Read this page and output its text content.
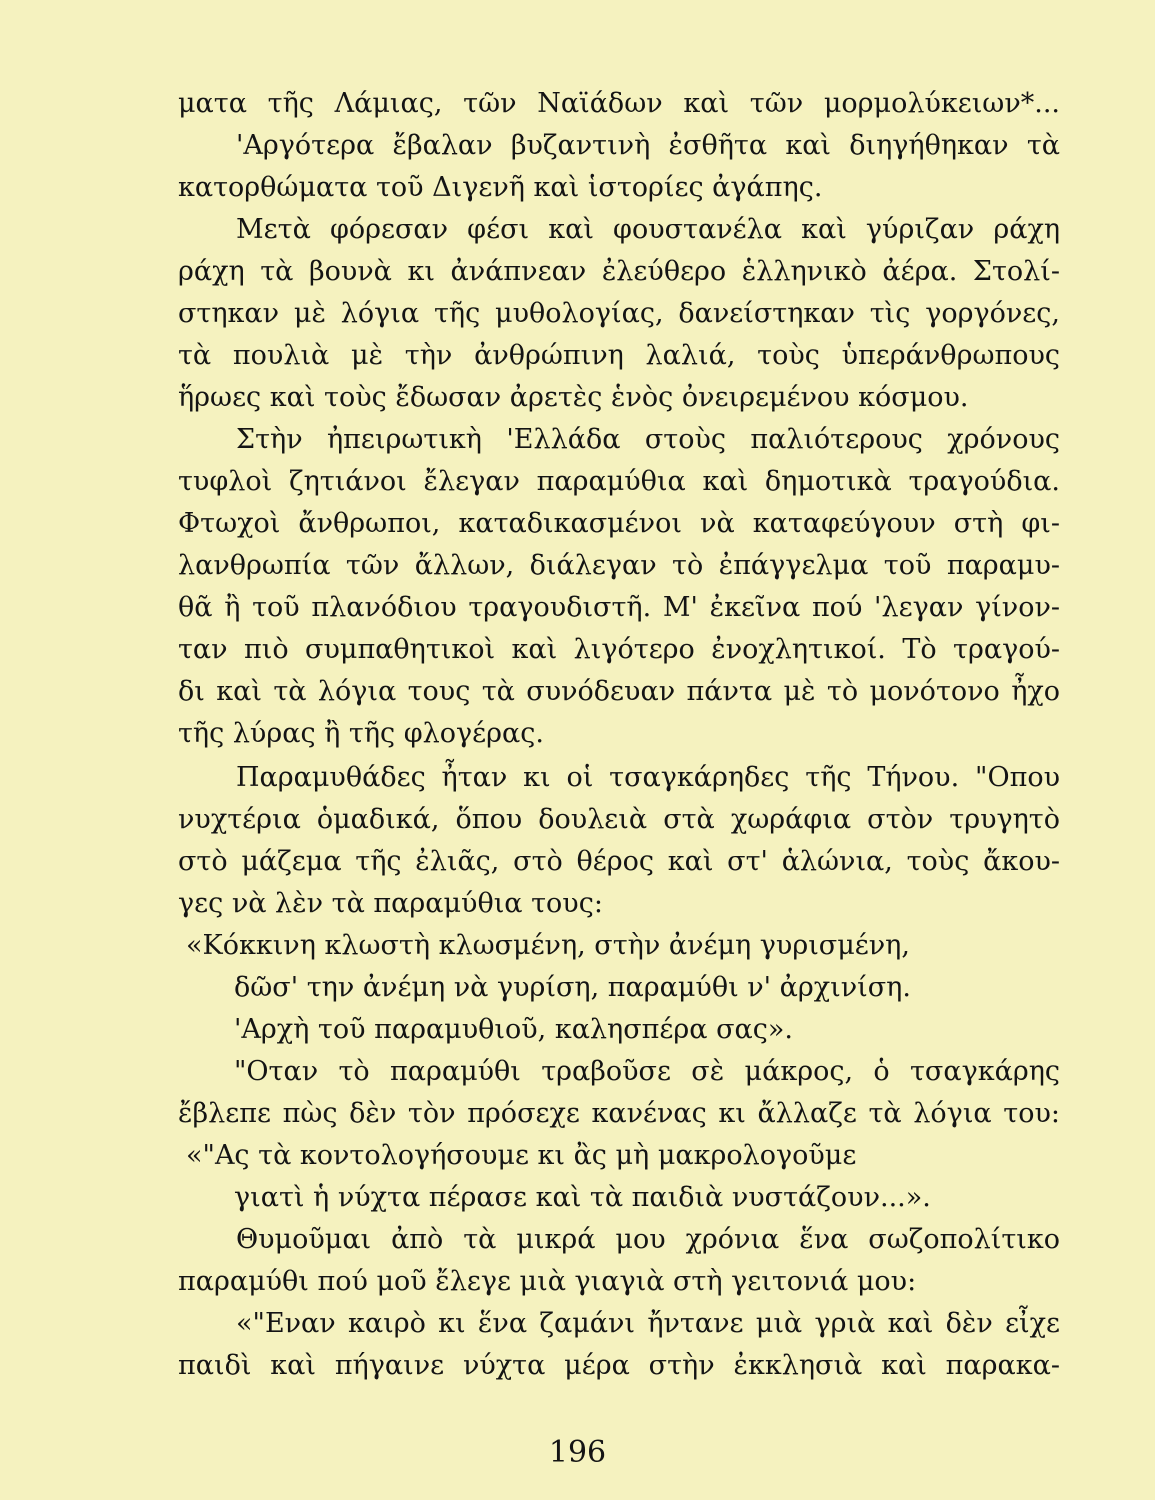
ματα τῆς Λάμιας, τῶν Ναϊάδων καὶ τῶν μορμολύκειων*...
'Αργότερα ἔβαλαν βυζαντινὴ ἐσθῆτα καὶ διηγήθηκαν τὰ
κατορθώματα τοῦ Διγενῆ καὶ ἱστορίες ἀγάπης.
Μετὰ φόρεσαν φέσι καὶ φουστανέλα καὶ γύριζαν ράχη
ράχη τὰ βουνὰ κι ἀνάπνεαν ἐλεύθερο ἑλληνικὸ ἀέρα. Στολί-
στηκαν μὲ λόγια τῆς μυθολογίας, δανείστηκαν τὶς γοργόνες,
τὰ πουλιὰ μὲ τὴν ἀνθρώπινη λαλιά, τοὺς ὑπεράνθρωπους
ἥρωες καὶ τοὺς ἔδωσαν ἀρετὲς ἑνὸς ὀνειρεμένου κόσμου.
Στὴν ἠπειρωτικὴ 'Ελλάδα στοὺς παλιότερους χρόνους
τυφλοὶ ζητιάνοι ἔλεγαν παραμύθια καὶ δημοτικὰ τραγούδια.
Φτωχοὶ ἄνθρωποι, καταδικασμένοι νὰ καταφεύγουν στὴ φι-
λανθρωπία τῶν ἄλλων, διάλεγαν τὸ ἐπάγγελμα τοῦ παραμυ-
θᾶ ἢ τοῦ πλανόδιου τραγουδιστῆ. Μ' ἐκεῖνα πού 'λεγαν γίνον-
ταν πιὸ συμπαθητικοὶ καὶ λιγότερο ἐνοχλητικοί. Τὸ τραγού-
δι καὶ τὰ λόγια τους τὰ συνόδευαν πάντα μὲ τὸ μονότονο ἦχο
τῆς λύρας ἢ τῆς φλογέρας.
Παραμυθάδες ἦταν κι οἱ τσαγκάρηδες τῆς Τήνου. "Οπου
νυχτέρια ὁμαδικά, ὅπου δουλειὰ στὰ χωράφια στὸν τρυγητὸ
στὸ μάζεμα τῆς ἐλιᾶς, στὸ θέρος καὶ στ' ἁλώνια, τοὺς ἄκου-
γες νὰ λὲν τὰ παραμύθια τους:
«Κόκκινη κλωστὴ κλωσμένη, στὴν ἀνέμη γυρισμένη,
δῶσ' την ἀνέμη νὰ γυρίση, παραμύθι ν' ἀρχινίση.
'Αρχὴ τοῦ παραμυθιοῦ, καλησπέρα σας».
"Οταν τὸ παραμύθι τραβοῦσε σὲ μάκρος, ὁ τσαγκάρης
ἔβλεπε πὼς δὲν τὸν πρόσεχε κανένας κι ἄλλαζε τὰ λόγια του:
«"Ας τὰ κοντολογήσουμε κι ἂς μὴ μακρολογοῦμε
γιατὶ ἡ νύχτα πέρασε καὶ τὰ παιδιὰ νυστάζουν...».
Θυμοῦμαι ἀπὸ τὰ μικρά μου χρόνια ἕνα σωζοπολίτικο
παραμύθι πού μοῦ ἔλεγε μιὰ γιαγιὰ στὴ γειτονιά μου:
«"Εναν καιρὸ κι ἕνα ζαμάνι ἤντανε μιὰ γριὰ καὶ δὲν εἶχε
παιδὶ καὶ πήγαινε νύχτα μέρα στὴν ἐκκλησιὰ καὶ παρακα-
196
